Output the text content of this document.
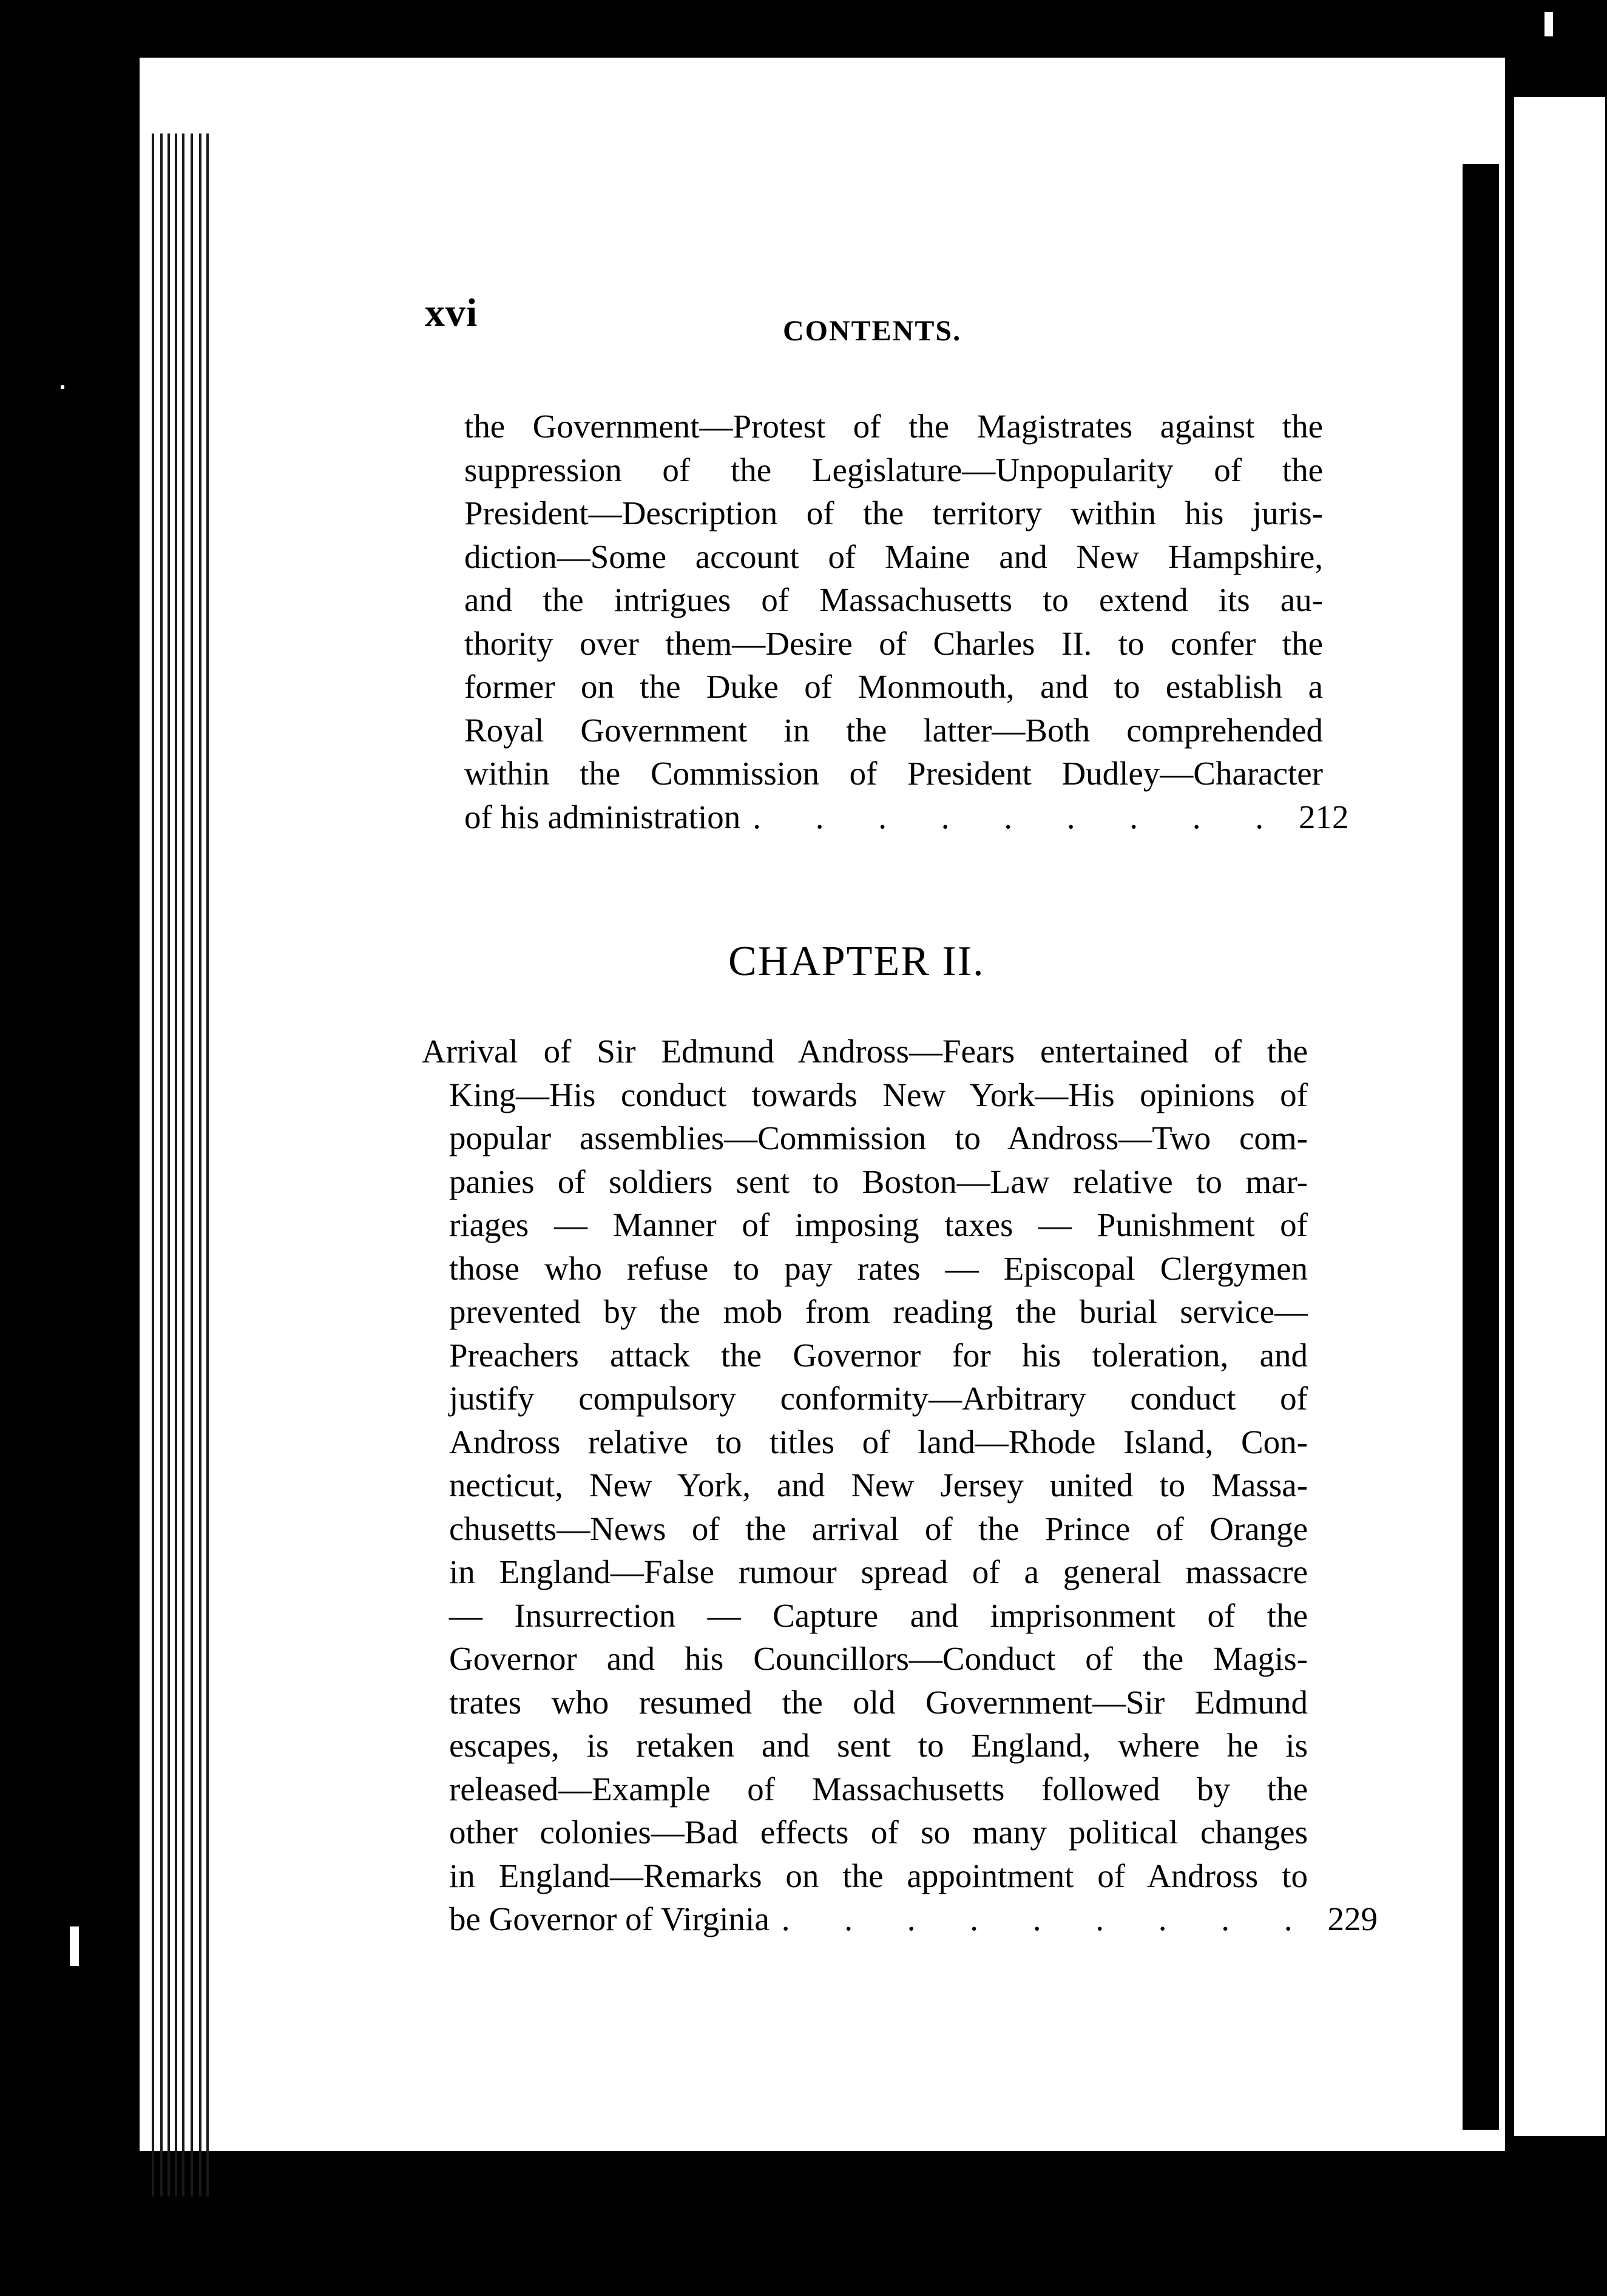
xvi	CONTENTS.
the Government—Protest of the Magistrates against the
suppression of the Legislature—Unpopularity of the
President—Description of the territory within his juris-
diction—Some account of Maine and New Hampshire,
and the intrigues of Massachusetts to extend its au-
thority over them—Desire of Charles II. to confer the
former on the Duke of Monmouth, and to establish a
Royal Government in the latter—Both comprehended
within the Commission of President Dudley—Character
of his administration . . . . . . . . . 212
CHAPTER II.
Arrival of Sir Edmund Andross—Fears entertained of the
King—His conduct towards New York—His opinions of
popular assemblies—Commission to Andross—Two com-
panies of soldiers sent to Boston—Law relative to mar-
riages — Manner of imposing taxes — Punishment of
those who refuse to pay rates — Episcopal Clergymen
prevented by the mob from reading the burial service—
Preachers attack the Governor for his toleration, and
justify compulsory conformity—Arbitrary conduct of
Andross relative to titles of land—Rhode Island, Con-
necticut, New York, and New Jersey united to Massa-
chusetts—News of the arrival of the Prince of Orange
in England—False rumour spread of a general massacre
— Insurrection — Capture and imprisonment of the
Governor and his Councillors—Conduct of the Magis-
trates who resumed the old Government—Sir Edmund
escapes, is retaken and sent to England, where he is
released—Example of Massachusetts followed by the
other colonies—Bad effects of so many political changes
in England—Remarks on the appointment of Andross to
be Governor of Virginia . . . . . . . . . 229
